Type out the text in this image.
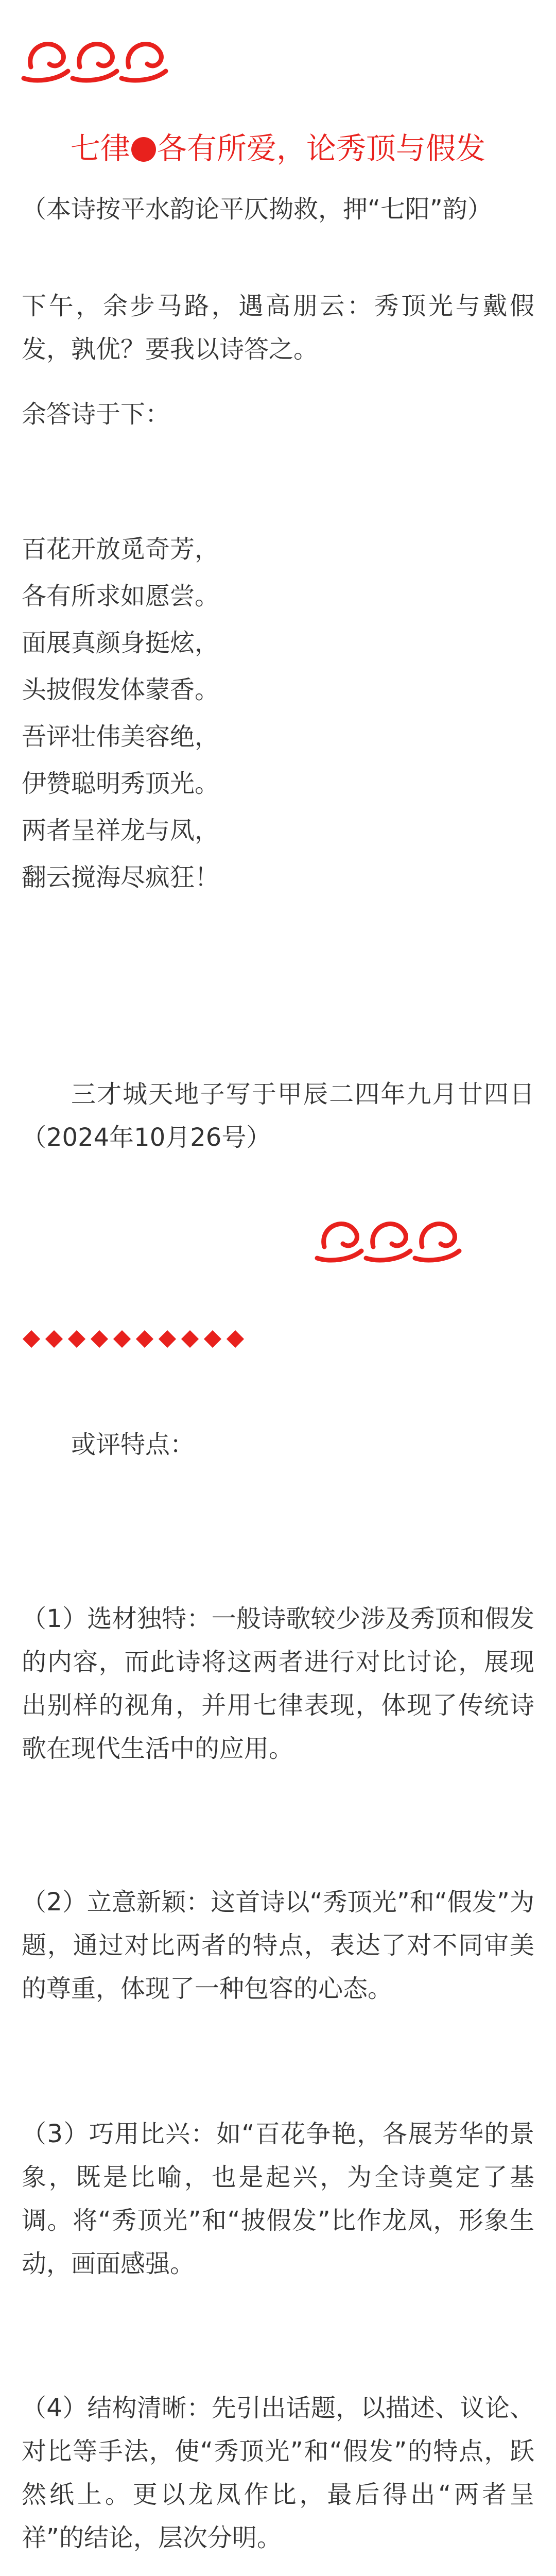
七律 各有所爱，论秀顶与假发

（本诗按平水韵论平仄拗救，押“七阳”韵）

下午，余步马路，遇高朋云：秀顶光与戴假发，孰优？要我以诗答之。

余答诗于下：

百花开放觅奇芳，

各有所求如愿尝。

面展真颜身挺炫，

头披假发体蒙香。

吾评壮伟美容绝，

伊赞聪明秀顶光。

两者呈祥龙与凤，

翻云搅海尽疯狂！

三才城天地子写于甲辰二四年九月廿四日（2024年10月26号）

或评特点：

（1）选材独特：一般诗歌较少涉及秀顶和假发的内容，而此诗将这两者进行对比讨论，展现出别样的视角，并用七律表现，体现了传统诗歌在现代生活中的应用。

（2）立意新颖：这首诗以“秀顶光”和“假发”为题，通过对比两者的特点，表达了对不同审美的尊重，体现了一种包容的心态。

（3）巧用比兴：如“百花争艳，各展芳华的景象，既是比喻，也是起兴，为全诗奠定了基调。将“秀顶光”和“披假发”比作龙凤，形象生动，画面感强。

（4）结构清晰：先引出话题，以描述、议论、对比等手法，使“秀顶光”和“假发”的特点，跃然纸上。更以龙凤作比，最后得出“两者呈祥”的结论，层次分明。
